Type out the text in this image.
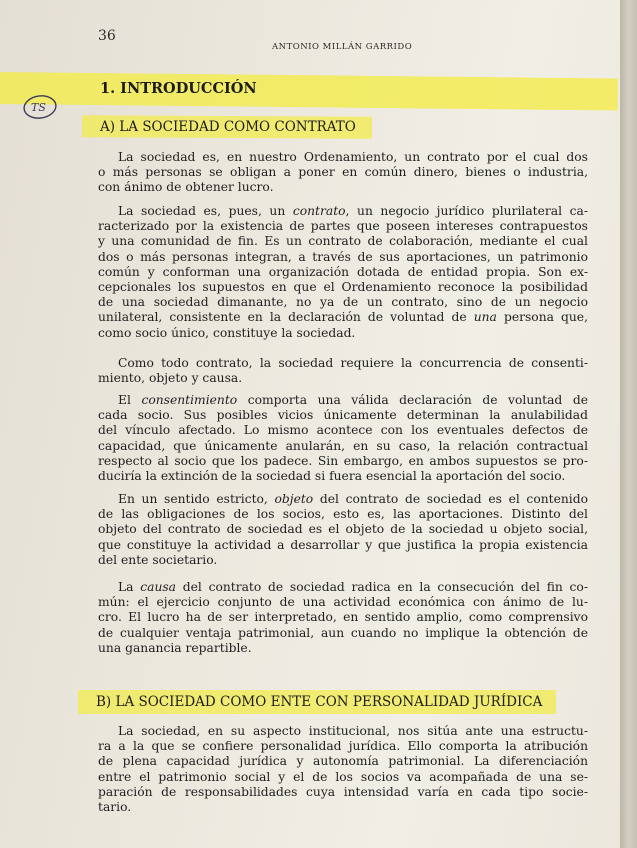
36
ANTONIO MILLÁN GARRIDO
TS
1. INTRODUCCIÓN
A) LA SOCIEDAD COMO CONTRATO
La sociedad es, en nuestro Ordenamiento, un contrato por el cual dos
o más personas se obligan a poner en común dinero, bienes o industria,
con ánimo de obtener lucro.
La sociedad es, pues, un contrato, un negocio jurídico plurilateral ca-
racterizado por la existencia de partes que poseen intereses contrapuestos
y una comunidad de fin. Es un contrato de colaboración, mediante el cual
dos o más personas integran, a través de sus aportaciones, un patrimonio
común y conforman una organización dotada de entidad propia. Son ex-
cepcionales los supuestos en que el Ordenamiento reconoce la posibilidad
de una sociedad dimanante, no ya de un contrato, sino de un negocio
unilateral, consistente en la declaración de voluntad de una persona que,
como socio único, constituye la sociedad.
Como todo contrato, la sociedad requiere la concurrencia de consenti-
miento, objeto y causa.
El consentimiento comporta una válida declaración de voluntad de
cada socio. Sus posibles vicios únicamente determinan la anulabilidad
del vínculo afectado. Lo mismo acontece con los eventuales defectos de
capacidad, que únicamente anularán, en su caso, la relación contractual
respecto al socio que los padece. Sin embargo, en ambos supuestos se pro-
duciría la extinción de la sociedad si fuera esencial la aportación del socio.
En un sentido estricto, objeto del contrato de sociedad es el contenido
de las obligaciones de los socios, esto es, las aportaciones. Distinto del
objeto del contrato de sociedad es el objeto de la sociedad u objeto social,
que constituye la actividad a desarrollar y que justifica la propia existencia
del ente societario.
La causa del contrato de sociedad radica en la consecución del fin co-
mún: el ejercicio conjunto de una actividad económica con ánimo de lu-
cro. El lucro ha de ser interpretado, en sentido amplio, como comprensivo
de cualquier ventaja patrimonial, aun cuando no implique la obtención de
una ganancia repartible.
B) LA SOCIEDAD COMO ENTE CON PERSONALIDAD JURÍDICA
La sociedad, en su aspecto institucional, nos sitúa ante una estructu-
ra a la que se confiere personalidad jurídica. Ello comporta la atribución
de plena capacidad jurídica y autonomía patrimonial. La diferenciación
entre el patrimonio social y el de los socios va acompañada de una se-
paración de responsabilidades cuya intensidad varía en cada tipo socie-
tario.
